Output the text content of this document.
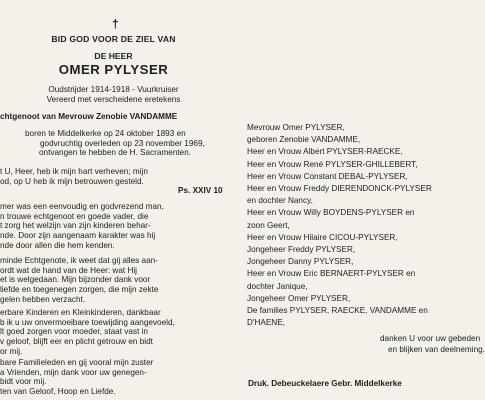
†
BID GOD VOOR DE ZIEL VAN
DE HEER
OMER PYLYSER
Oudstrijder 1914-1918 - Vuurkruiser
Vereerd met verscheidene eretekens
chtgenoot van Mevrouw Zenobie VANDAMME
boren te Middelkerke op 24 oktober 1893 en
godvruchtig overleden op 23 november 1969,
ontvangen te hebben de H. Sacramenten.
t U, Heer, heb ik mijn hart verheven; mijn
od, op U heb ik mijn betrouwen gesteld.
Ps. XXIV 10
mer was een eenvoudig en godvrezend man,
n trouwe echtgenoot en goede vader, die
t zorg het welzijn van zijn kinderen behar-
nde. Door zijn aangenaam karakter was hij
nde door allen die hem kenden.
minde Echtgenote, ik weet dat gij alles aan-
ordt wat de hand van de Heer: wat Hij
et is welgedaan. Mijn bijzonder dank voor
liefde en toegenegen zorgen, die mijn zekte
gelen hebben verzacht.
erbare Kinderen en Kleinkinderen, dankbaar
b ik u uw onvermoeibare toewijding aangevoeld,
lt goed zorgen voor moeder, staat vast in
v geloof, blijft eer en plicht getrouw en bidt
or mij.
bare Familieleden en gij vooral mijn zuster
a Vrienden, mijn dank voor uw genegen-
bidt voor mij.
ten van Geloof, Hoop en Liefde.
Mevrouw Omer PYLYSER,
geboren Zenobie VANDAMME,
Heer en Vrouw Albert PYLYSER-RAECKE,
Heer en Vrouw René PYLYSER-GHILLEBERT,
Heer en Vrouw Constant DEBAL-PYLYSER,
Heer en Vrouw Freddy DIERENDONCK-PYLYSER
en dochter Nancy,
Heer en Vrouw Willy BOYDENS-PYLYSER en
zoon Geert,
Heer en Vrouw Hilaire CICOU-PYLYSER,
Jongeheer Freddy PYLYSER,
Jongeheer Danny PYLYSER,
Heer en Vrouw Eric BERNAERT-PYLYSER en
dochter Janique,
Jongeheer Omer PYLYSER,
De families PYLYSER, RAECKE, VANDAMME en
D'HAENE,
danken U voor uw gebeden
en blijken van deelneming.
Druk. Debeuckelaere Gebr. Middelkerke
